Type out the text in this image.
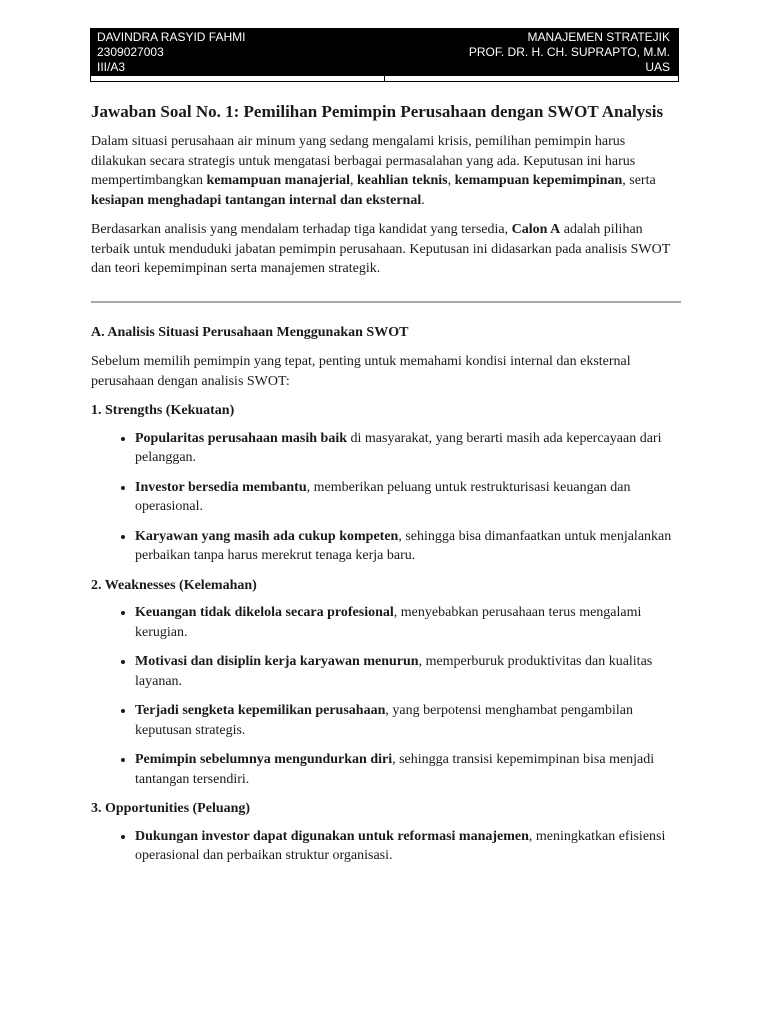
DAVINDRA RASYID FAHMI
2309027003
III/A3
MANAJEMEN STRATEJIK
PROF. DR. H. CH. SUPRAPTO, M.M.
UAS
Jawaban Soal No. 1: Pemilihan Pemimpin Perusahaan dengan SWOT Analysis

Dalam situasi perusahaan air minum yang sedang mengalami krisis, pemilihan pemimpin harus dilakukan secara strategis untuk mengatasi berbagai permasalahan yang ada. Keputusan ini harus mempertimbangkan kemampuan manajerial, keahlian teknis, kemampuan kepemimpinan, serta kesiapan menghadapi tantangan internal dan eksternal.

Berdasarkan analisis yang mendalam terhadap tiga kandidat yang tersedia, Calon A adalah pilihan terbaik untuk menduduki jabatan pemimpin perusahaan. Keputusan ini didasarkan pada analisis SWOT dan teori kepemimpinan serta manajemen strategik.

A. Analisis Situasi Perusahaan Menggunakan SWOT

Sebelum memilih pemimpin yang tepat, penting untuk memahami kondisi internal dan eksternal perusahaan dengan analisis SWOT:

1. Strengths (Kekuatan)
• Popularitas perusahaan masih baik di masyarakat, yang berarti masih ada kepercayaan dari pelanggan.
• Investor bersedia membantu, memberikan peluang untuk restrukturisasi keuangan dan operasional.
• Karyawan yang masih ada cukup kompeten, sehingga bisa dimanfaatkan untuk menjalankan perbaikan tanpa harus merekrut tenaga kerja baru.
2. Weaknesses (Kelemahan)
• Keuangan tidak dikelola secara profesional, menyebabkan perusahaan terus mengalami kerugian.
• Motivasi dan disiplin kerja karyawan menurun, memperburuk produktivitas dan kualitas layanan.
• Terjadi sengketa kepemilikan perusahaan, yang berpotensi menghambat pengambilan keputusan strategis.
• Pemimpin sebelumnya mengundurkan diri, sehingga transisi kepemimpinan bisa menjadi tantangan tersendiri.
3. Opportunities (Peluang)
• Dukungan investor dapat digunakan untuk reformasi manajemen, meningkatkan efisiensi operasional dan perbaikan struktur organisasi.
